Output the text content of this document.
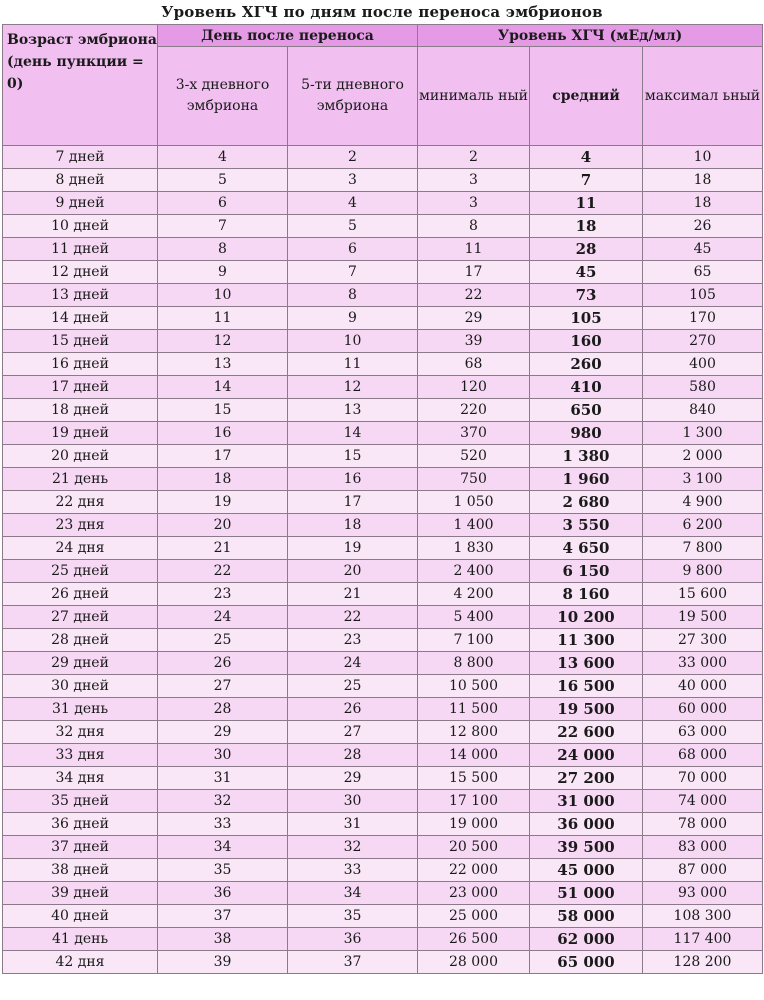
Уровень ХГЧ по дням после переноса эмбрионов
Возраст эмбриона (день пункции = 0)	День после переноса		Уровень ХГЧ (мЕд/мл)		
	3-х дневного эмбриона	5-ти дневного эмбриона	минималь ный	средний	максимал ьный
7 дней	4	2	2	4	10
8 дней	5	3	3	7	18
9 дней	6	4	3	11	18
10 дней	7	5	8	18	26
11 дней	8	6	11	28	45
12 дней	9	7	17	45	65
13 дней	10	8	22	73	105
14 дней	11	9	29	105	170
15 дней	12	10	39	160	270
16 дней	13	11	68	260	400
17 дней	14	12	120	410	580
18 дней	15	13	220	650	840
19 дней	16	14	370	980	1 300
20 дней	17	15	520	1 380	2 000
21 день	18	16	750	1 960	3 100
22 дня	19	17	1 050	2 680	4 900
23 дня	20	18	1 400	3 550	6 200
24 дня	21	19	1 830	4 650	7 800
25 дней	22	20	2 400	6 150	9 800
26 дней	23	21	4 200	8 160	15 600
27 дней	24	22	5 400	10 200	19 500
28 дней	25	23	7 100	11 300	27 300
29 дней	26	24	8 800	13 600	33 000
30 дней	27	25	10 500	16 500	40 000
31 день	28	26	11 500	19 500	60 000
32 дня	29	27	12 800	22 600	63 000
33 дня	30	28	14 000	24 000	68 000
34 дня	31	29	15 500	27 200	70 000
35 дней	32	30	17 100	31 000	74 000
36 дней	33	31	19 000	36 000	78 000
37 дней	34	32	20 500	39 500	83 000
38 дней	35	33	22 000	45 000	87 000
39 дней	36	34	23 000	51 000	93 000
40 дней	37	35	25 000	58 000	108 300
41 день	38	36	26 500	62 000	117 400
42 дня	39	37	28 000	65 000	128 200
